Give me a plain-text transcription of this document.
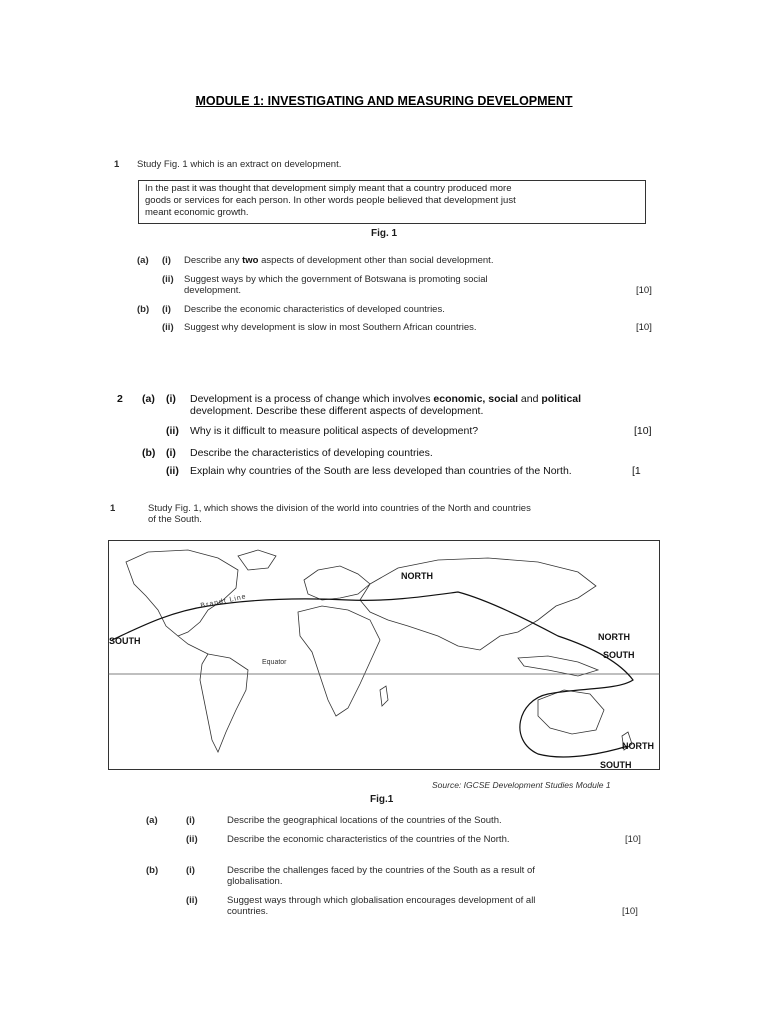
MODULE 1: INVESTIGATING AND MEASURING DEVELOPMENT
1 Study Fig. 1 which is an extract on development.
In the past it was thought that development simply meant that a country produced more
goods or services for each person. In other words people believed that development just
meant economic growth.
Fig. 1
(a) (i) Describe any two aspects of development other than social development.
(ii) Suggest ways by which the government of Botswana is promoting social
development.	[10]
(b) (i) Describe the economic characteristics of developed countries.
(ii) Suggest why development is slow in most Southern African countries.	[10]
2 (a) (i) Development is a process of change which involves economic, social and political
development. Describe these different aspects of development.
(ii) Why is it difficult to measure political aspects of development?	[10]
(b) (i) Describe the characteristics of developing countries.
(ii) Explain why countries of the South are less developed than countries of the North.	[1
1	Study Fig. 1, which shows the division of the world into countries of the North and countries
of the South.
NORTH
Brandt Line
SOUTH	NORTH
SOUTH
Equator
NORTH
SOUTH
Source: IGCSE Development Studies Module 1
Fig.1
(a)	(i)	Describe the geographical locations of the countries of the South.
(ii)	Describe the economic characteristics of the countries of the North.	[10]
(b)	(i)	Describe the challenges faced by the countries of the South as a result of
globalisation.
(ii)	Suggest ways through which globalisation encourages development of all
countries.	[10]
